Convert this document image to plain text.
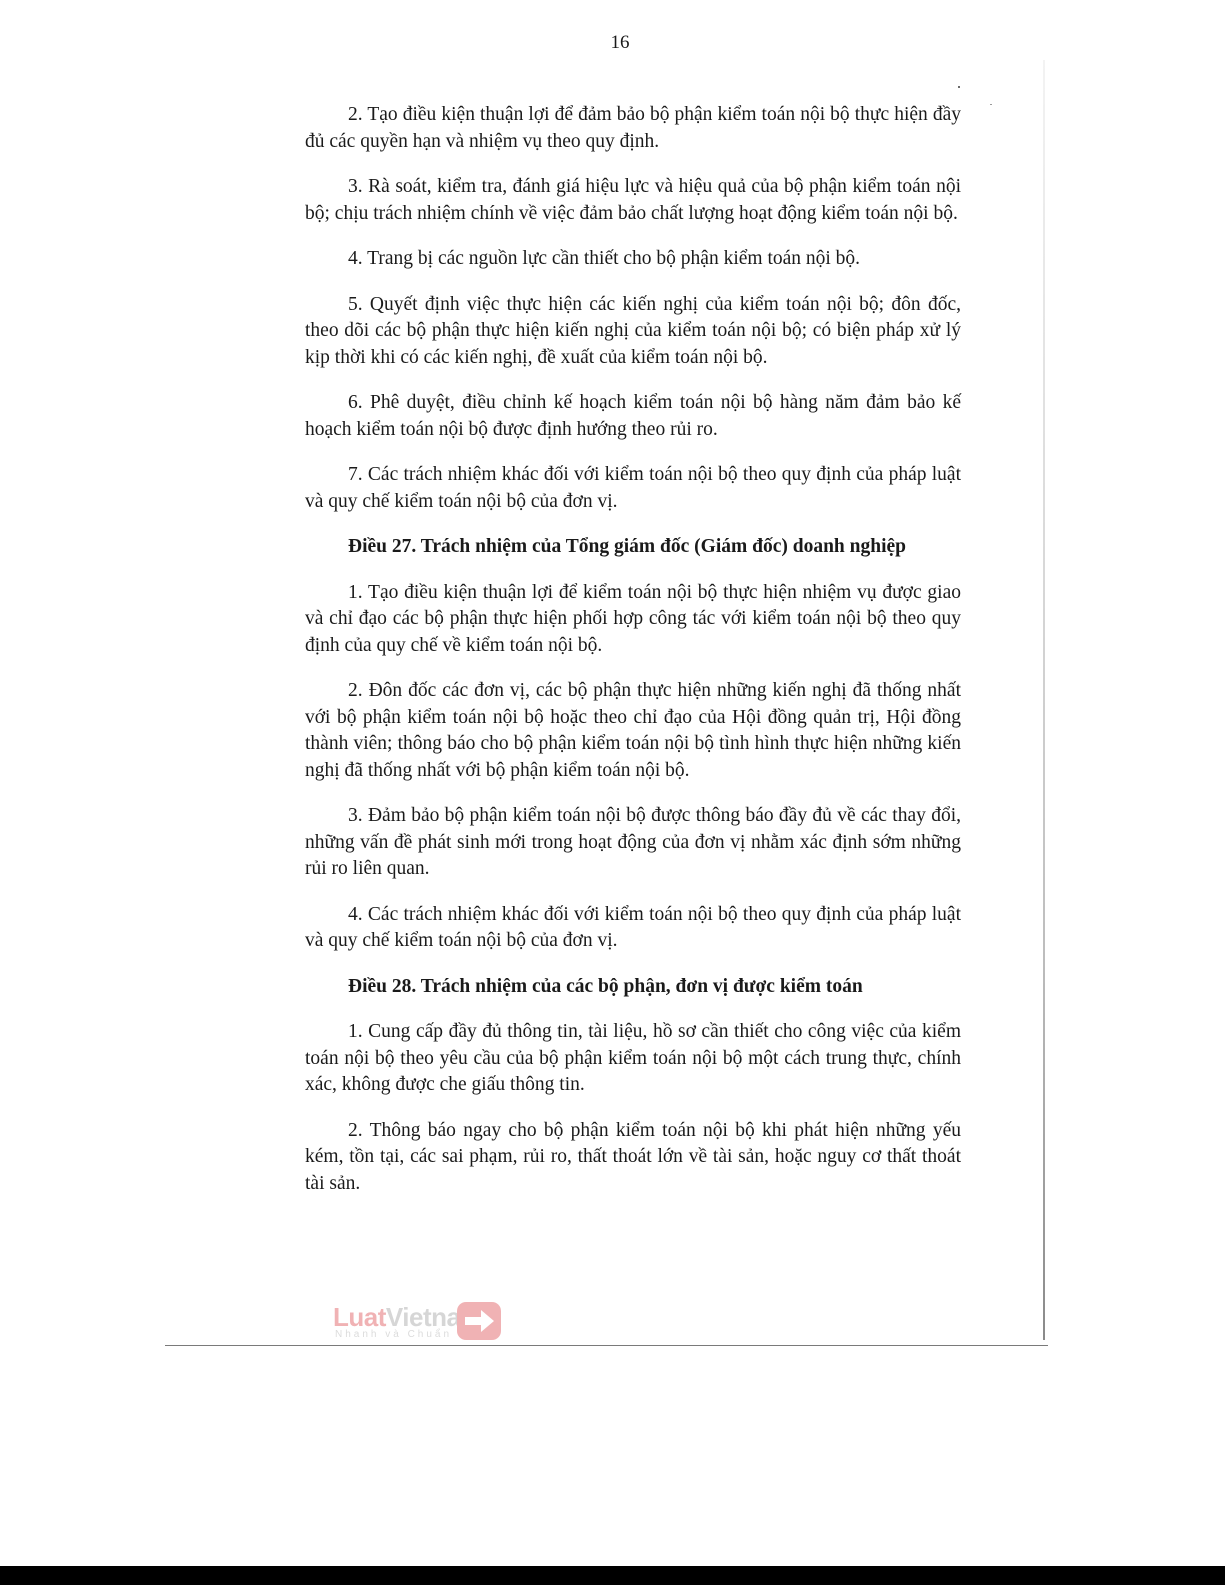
16

2. Tạo điều kiện thuận lợi để đảm bảo bộ phận kiểm toán nội bộ thực hiện đầy đủ các quyền hạn và nhiệm vụ theo quy định.

3. Rà soát, kiểm tra, đánh giá hiệu lực và hiệu quả của bộ phận kiểm toán nội bộ; chịu trách nhiệm chính về việc đảm bảo chất lượng hoạt động kiểm toán nội bộ.

4. Trang bị các nguồn lực cần thiết cho bộ phận kiểm toán nội bộ.

5. Quyết định việc thực hiện các kiến nghị của kiểm toán nội bộ; đôn đốc, theo dõi các bộ phận thực hiện kiến nghị của kiểm toán nội bộ; có biện pháp xử lý kịp thời khi có các kiến nghị, đề xuất của kiểm toán nội bộ.

6. Phê duyệt, điều chỉnh kế hoạch kiểm toán nội bộ hàng năm đảm bảo kế hoạch kiểm toán nội bộ được định hướng theo rủi ro.

7. Các trách nhiệm khác đối với kiểm toán nội bộ theo quy định của pháp luật và quy chế kiểm toán nội bộ của đơn vị.

Điều 27. Trách nhiệm của Tổng giám đốc (Giám đốc) doanh nghiệp

1. Tạo điều kiện thuận lợi để kiểm toán nội bộ thực hiện nhiệm vụ được giao và chỉ đạo các bộ phận thực hiện phối hợp công tác với kiểm toán nội bộ theo quy định của quy chế về kiểm toán nội bộ.

2. Đôn đốc các đơn vị, các bộ phận thực hiện những kiến nghị đã thống nhất với bộ phận kiểm toán nội bộ hoặc theo chỉ đạo của Hội đồng quản trị, Hội đồng thành viên; thông báo cho bộ phận kiểm toán nội bộ tình hình thực hiện những kiến nghị đã thống nhất với bộ phận kiểm toán nội bộ.

3. Đảm bảo bộ phận kiểm toán nội bộ được thông báo đầy đủ về các thay đổi, những vấn đề phát sinh mới trong hoạt động của đơn vị nhằm xác định sớm những rủi ro liên quan.

4. Các trách nhiệm khác đối với kiểm toán nội bộ theo quy định của pháp luật và quy chế kiểm toán nội bộ của đơn vị.

Điều 28. Trách nhiệm của các bộ phận, đơn vị được kiểm toán

1. Cung cấp đầy đủ thông tin, tài liệu, hồ sơ cần thiết cho công việc của kiểm toán nội bộ theo yêu cầu của bộ phận kiểm toán nội bộ một cách trung thực, chính xác, không được che giấu thông tin.

2. Thông báo ngay cho bộ phận kiểm toán nội bộ khi phát hiện những yếu kém, tồn tại, các sai phạm, rủi ro, thất thoát lớn về tài sản, hoặc nguy cơ thất thoát tài sản.

LuatVietnam
Nhanh và Chuẩn
